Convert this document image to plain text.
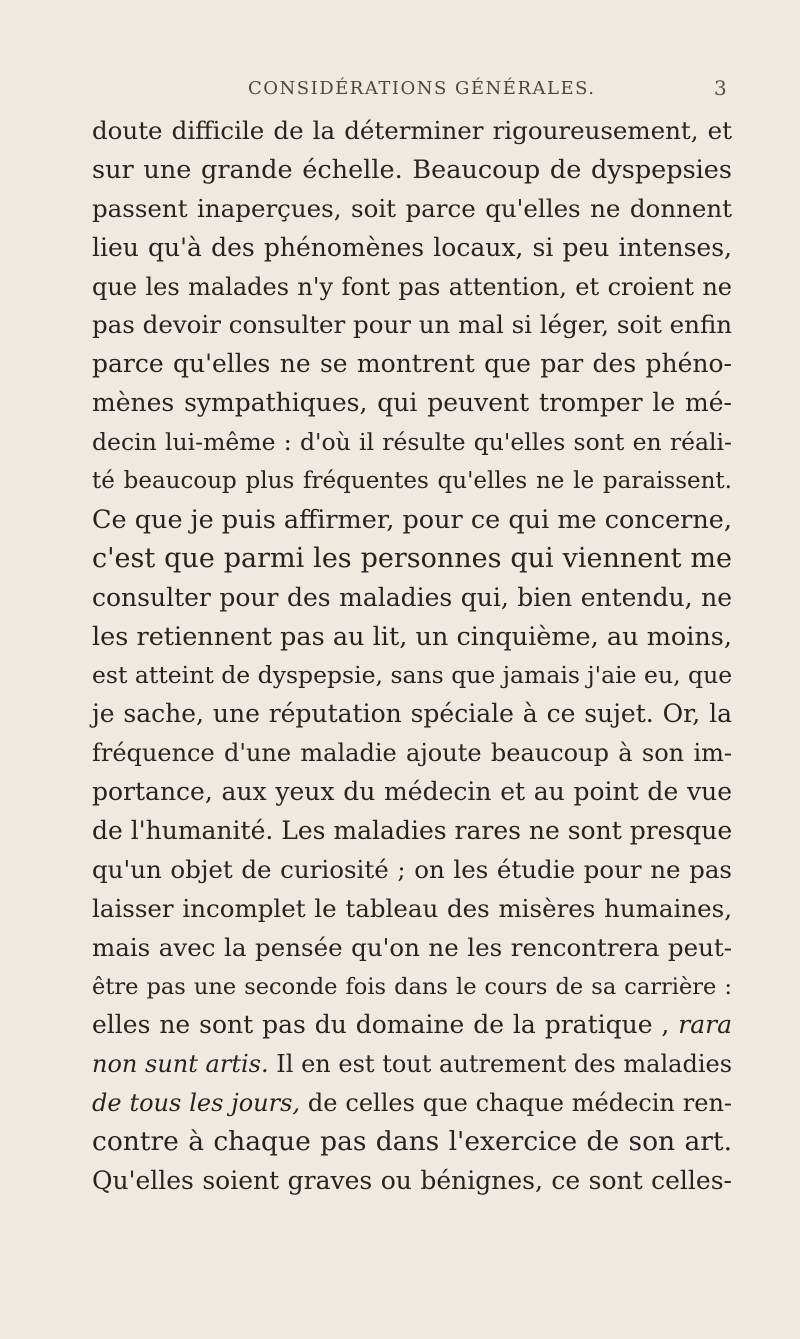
CONSIDÉRATIONS GÉNÉRALES.	3
doute difficile de la déterminer rigoureusement, et
sur une grande échelle. Beaucoup de dyspepsies
passent inaperçues, soit parce qu'elles ne donnent
lieu qu'à des phénomènes locaux, si peu intenses,
que les malades n'y font pas attention, et croient ne
pas devoir consulter pour un mal si léger, soit enfin
parce qu'elles ne se montrent que par des phéno-
mènes sympathiques, qui peuvent tromper le mé-
decin lui-même : d'où il résulte qu'elles sont en réali-
té beaucoup plus fréquentes qu'elles ne le paraissent.
Ce que je puis affirmer, pour ce qui me concerne,
c'est que parmi les personnes qui viennent me
consulter pour des maladies qui, bien entendu, ne
les retiennent pas au lit, un cinquième, au moins,
est atteint de dyspepsie, sans que jamais j'aie eu, que
je sache, une réputation spéciale à ce sujet. Or, la
fréquence d'une maladie ajoute beaucoup à son im-
portance, aux yeux du médecin et au point de vue
de l'humanité. Les maladies rares ne sont presque
qu'un objet de curiosité ; on les étudie pour ne pas
laisser incomplet le tableau des misères humaines,
mais avec la pensée qu'on ne les rencontrera peut-
être pas une seconde fois dans le cours de sa carrière :
elles ne sont pas du domaine de la pratique , rara
non sunt artis. Il en est tout autrement des maladies
de tous les jours, de celles que chaque médecin ren-
contre à chaque pas dans l'exercice de son art.
Qu'elles soient graves ou bénignes, ce sont celles-
